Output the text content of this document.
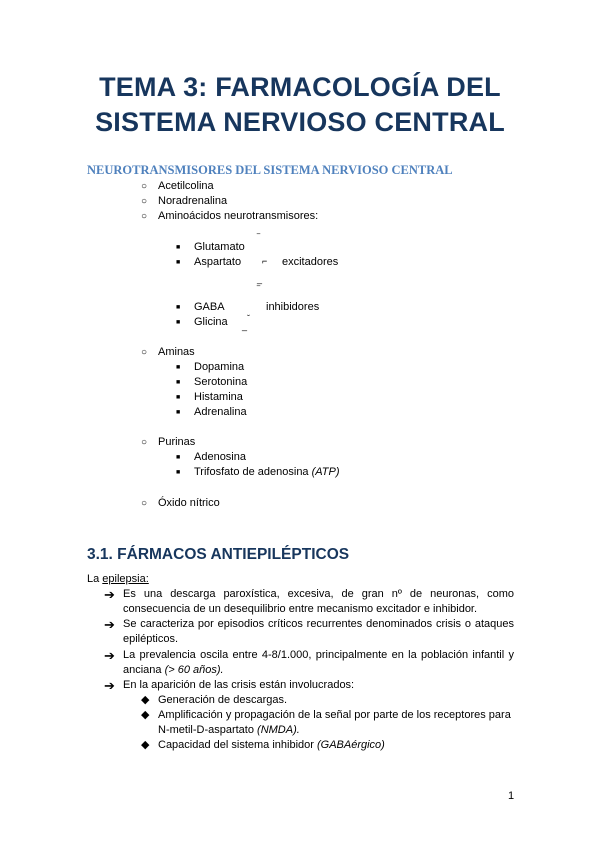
TEMA 3: FARMACOLOGÍA DEL
SISTEMA NERVIOSO CENTRAL
NEUROTRANSMISORES DEL SISTEMA NERVIOSO CENTRAL
○ Acetilcolina
○ Noradrenalina
○ Aminoácidos neurotransmisores:
‾
■ Glutamato
⌐
■ Aspartato	excitadores
_
‾
■ GABA ˬ inhibidores
■ Glicina _
○ Aminas
■ Dopamina
■ Serotonina
■ Histamina
■ Adrenalina
○ Purinas
■ Adenosina
■ Trifosfato de adenosina (ATP)
○ Óxido nítrico
3.1. FÁRMACOS ANTIEPILÉPTICOS
La epilepsia:
➔ Es una descarga paroxística, excesiva, de gran nº de neuronas, como
consecuencia de un desequilibrio entre mecanismo excitador e inhibidor.
➔ Se caracteriza por episodios críticos recurrentes denominados crisis o ataques
epilépticos.
➔ La prevalencia oscila entre 4-8/1.000, principalmente en la población infantil y
anciana (> 60 años).
➔ En la aparición de las crisis están involucrados:
◆ Generación de descargas.
◆ Amplificación y propagación de la señal por parte de los receptores para
N-metil-D-aspartato (NMDA).
◆ Capacidad del sistema inhibidor (GABAérgico)
1
